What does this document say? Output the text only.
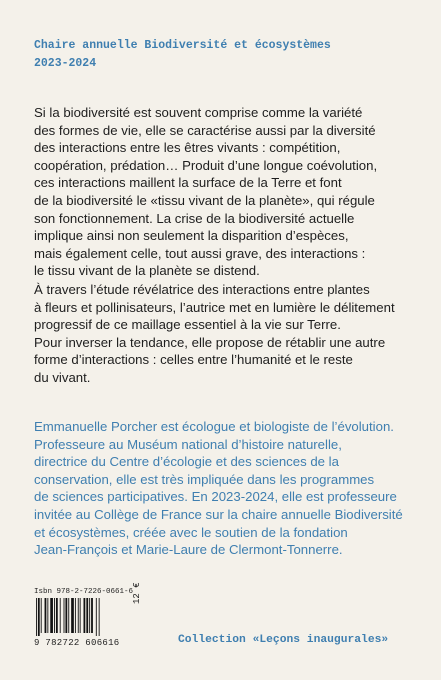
Chaire annuelle Biodiversité et écosystèmes
2023-2024
Si la biodiversité est souvent comprise comme la variété
des formes de vie, elle se caractérise aussi par la diversité
des interactions entre les êtres vivants : compétition,
coopération, prédation… Produit d’une longue coévolution,
ces interactions maillent la surface de la Terre et font
de la biodiversité le «tissu vivant de la planète», qui régule
son fonctionnement. La crise de la biodiversité actuelle
implique ainsi non seulement la disparition d’espèces,
mais également celle, tout aussi grave, des interactions :
le tissu vivant de la planète se distend.
À travers l’étude révélatrice des interactions entre plantes
à fleurs et pollinisateurs, l’autrice met en lumière le délitement
progressif de ce maillage essentiel à la vie sur Terre.
Pour inverser la tendance, elle propose de rétablir une autre
forme d’interactions : celles entre l’humanité et le reste
du vivant.
Emmanuelle Porcher est écologue et biologiste de l’évolution.
Professeure au Muséum national d’histoire naturelle,
directrice du Centre d’écologie et des sciences de la
conservation, elle est très impliquée dans les programmes
de sciences participatives. En 2023-2024, elle est professeure
invitée au Collège de France sur la chaire annuelle Biodiversité
et écosystèmes, créée avec le soutien de la fondation
Jean-François et Marie-Laure de Clermont-Tonnerre.
Isbn 978-2-7226-0661-6
9 782722 606616
12 €
Collection «Leçons inaugurales»
